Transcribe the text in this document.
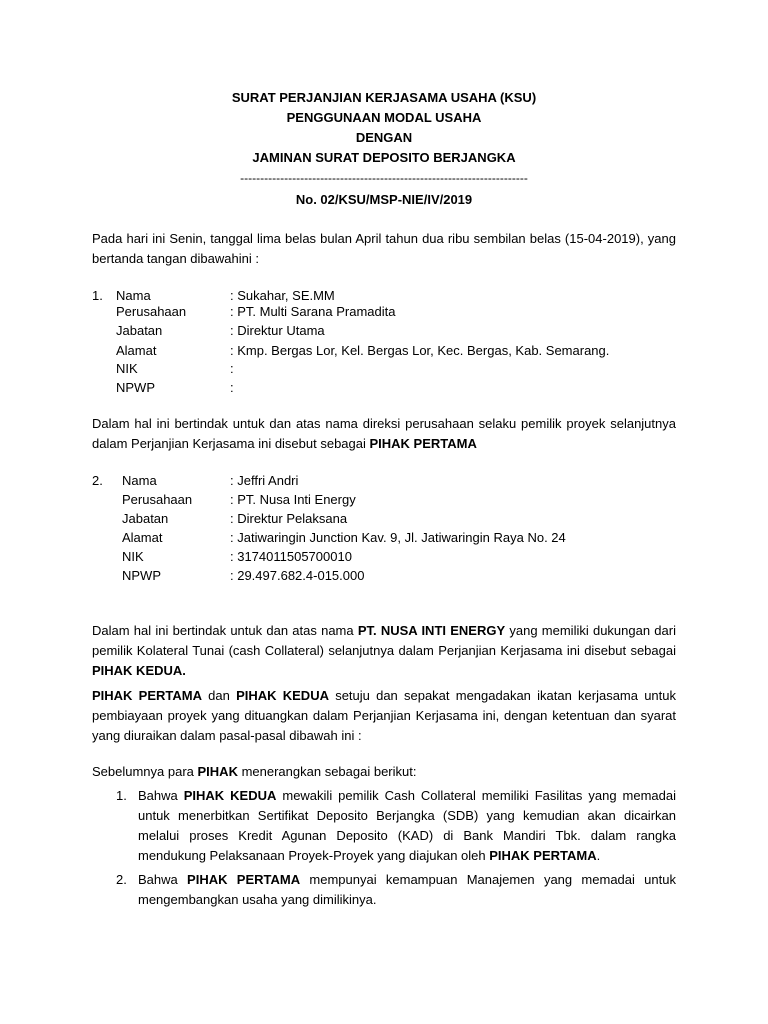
SURAT PERJANJIAN KERJASAMA USAHA (KSU)
PENGGUNAAN MODAL USAHA
DENGAN
JAMINAN SURAT DEPOSITO BERJANGKA
------------------------------------------------------------------------
No. 02/KSU/MSP-NIE/IV/2019
Pada hari ini Senin, tanggal lima belas bulan April tahun dua ribu sembilan belas (15-04-2019), yang bertanda tangan dibawahini :
1. Nama	: Sukahar, SE.MM
Perusahaan	: PT. Multi Sarana Pramadita
Jabatan	: Direktur Utama
Alamat	: Kmp. Bergas Lor, Kel. Bergas Lor, Kec. Bergas, Kab. Semarang.
NIK	:
NPWP	:
Dalam hal ini bertindak untuk dan atas nama direksi perusahaan selaku pemilik proyek selanjutnya dalam Perjanjian Kerjasama ini disebut sebagai PIHAK PERTAMA
2. Nama	: Jeffri Andri
Perusahaan	: PT. Nusa Inti Energy
Jabatan	: Direktur Pelaksana
Alamat	: Jatiwaringin Junction Kav. 9, Jl. Jatiwaringin Raya No. 24
NIK	: 3174011505700010
NPWP	: 29.497.682.4-015.000
Dalam hal ini bertindak untuk dan atas nama PT. NUSA INTI ENERGY yang memiliki dukungan dari pemilik Kolateral Tunai (cash Collateral) selanjutnya dalam Perjanjian Kerjasama ini disebut sebagai PIHAK KEDUA.
PIHAK PERTAMA dan PIHAK KEDUA setuju dan sepakat mengadakan ikatan kerjasama untuk pembiayaan proyek yang dituangkan dalam Perjanjian Kerjasama ini, dengan ketentuan dan syarat yang diuraikan dalam pasal-pasal dibawah ini :
Sebelumnya para PIHAK menerangkan sebagai berikut:
1. Bahwa PIHAK KEDUA mewakili pemilik Cash Collateral memiliki Fasilitas yang memadai untuk menerbitkan Sertifikat Deposito Berjangka (SDB) yang kemudian akan dicairkan melalui proses Kredit Agunan Deposito (KAD) di Bank Mandiri Tbk. dalam rangka mendukung Pelaksanaan Proyek-Proyek yang diajukan oleh PIHAK PERTAMA.
2. Bahwa PIHAK PERTAMA mempunyai kemampuan Manajemen yang memadai untuk mengembangkan usaha yang dimilikinya.
